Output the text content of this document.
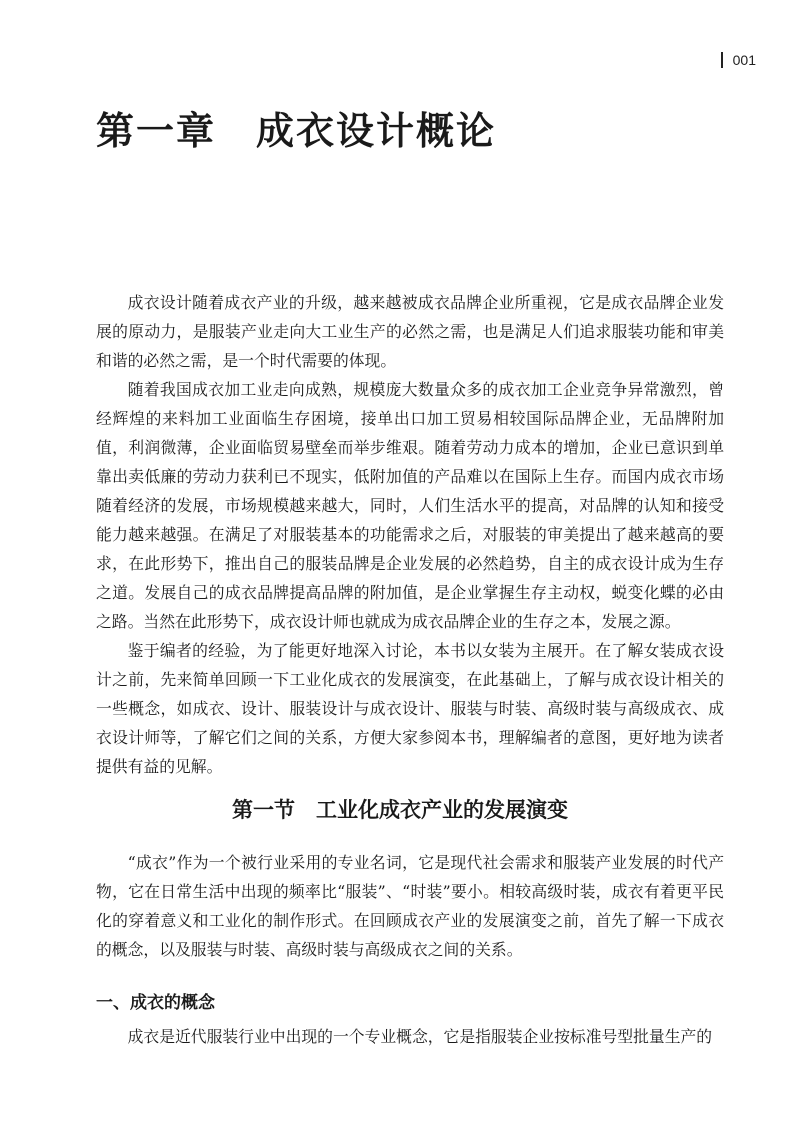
001
第一章　成衣设计概论

成衣设计随着成衣产业的升级，越来越被成衣品牌企业所重视，它是成衣品牌企业发展的原动力，是服装产业走向大工业生产的必然之需，也是满足人们追求服装功能和审美和谐的必然之需，是一个时代需要的体现。

随着我国成衣加工业走向成熟，规模庞大数量众多的成衣加工企业竞争异常激烈，曾经辉煌的来料加工业面临生存困境，接单出口加工贸易相较国际品牌企业，无品牌附加值，利润微薄，企业面临贸易壁垒而举步维艰。随着劳动力成本的增加，企业已意识到单靠出卖低廉的劳动力获利已不现实，低附加值的产品难以在国际上生存。而国内成衣市场随着经济的发展，市场规模越来越大，同时，人们生活水平的提高，对品牌的认知和接受能力越来越强。在满足了对服装基本的功能需求之后，对服装的审美提出了越来越高的要求，在此形势下，推出自己的服装品牌是企业发展的必然趋势，自主的成衣设计成为生存之道。发展自己的成衣品牌提高品牌的附加值，是企业掌握生存主动权，蜕变化蝶的必由之路。当然在此形势下，成衣设计师也就成为成衣品牌企业的生存之本，发展之源。

鉴于编者的经验，为了能更好地深入讨论，本书以女装为主展开。在了解女装成衣设计之前，先来简单回顾一下工业化成衣的发展演变，在此基础上，了解与成衣设计相关的一些概念，如成衣、设计、服装设计与成衣设计、服装与时装、高级时装与高级成衣、成衣设计师等，了解它们之间的关系，方便大家参阅本书，理解编者的意图，更好地为读者提供有益的见解。

第一节　工业化成衣产业的发展演变

“成衣”作为一个被行业采用的专业名词，它是现代社会需求和服装产业发展的时代产物，它在日常生活中出现的频率比“服装”、“时装”要小。相较高级时装，成衣有着更平民化的穿着意义和工业化的制作形式。在回顾成衣产业的发展演变之前，首先了解一下成衣的概念，以及服装与时装、高级时装与高级成衣之间的关系。

一、成衣的概念

成衣是近代服装行业中出现的一个专业概念，它是指服装企业按标准号型批量生产的
